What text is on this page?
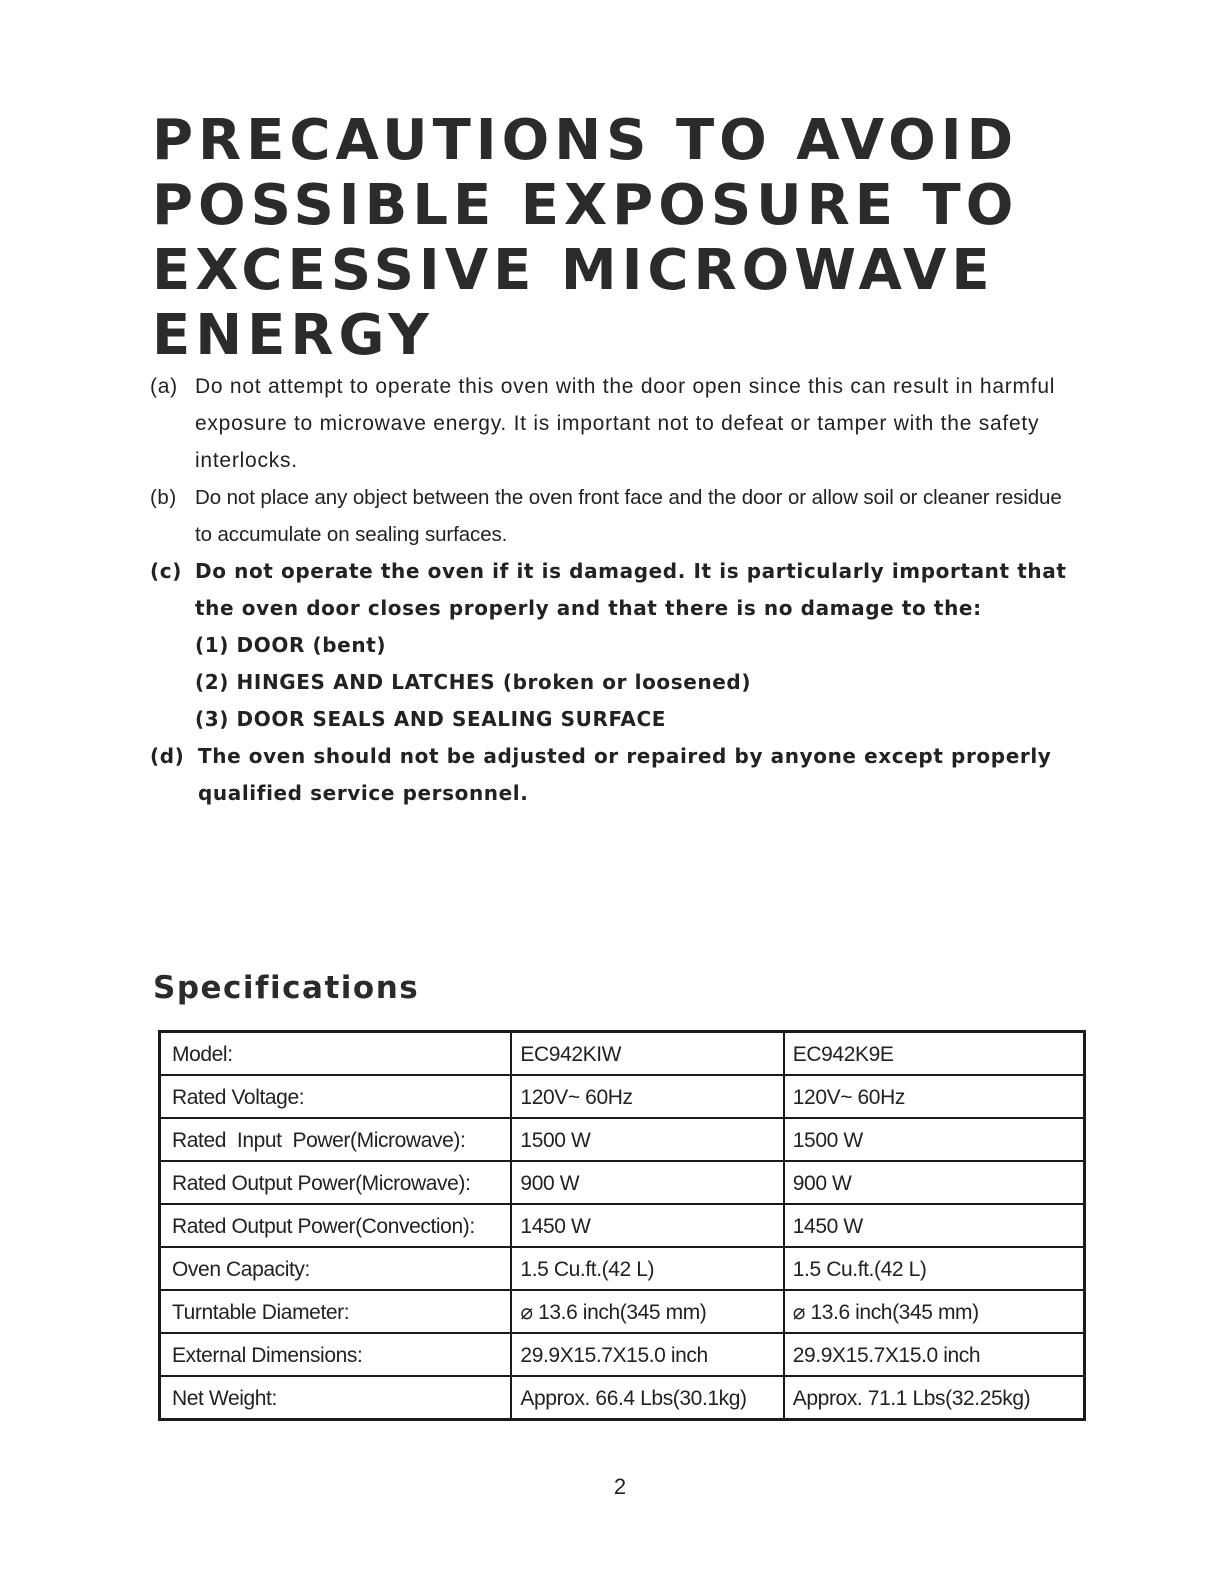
PRECAUTIONS TO AVOID
POSSIBLE EXPOSURE TO
EXCESSIVE MICROWAVE
ENERGY
(a) Do not attempt to operate this oven with the door open since this can result in harmful exposure to microwave energy. It is important not to defeat or tamper with the safety interlocks.
(b) Do not place any object between the oven front face and the door or allow soil or cleaner residue to accumulate on sealing surfaces.
(c) Do not operate the oven if it is damaged. It is particularly important that the oven door closes properly and that there is no damage to the:
(1) DOOR (bent)
(2) HINGES AND LATCHES (broken or loosened)
(3) DOOR SEALS AND SEALING SURFACE
(d) The oven should not be adjusted or repaired by anyone except properly qualified service personnel.
Specifications
Model:	EC942KIW	EC942K9E
Rated Voltage:	120V~ 60Hz	120V~ 60Hz
Rated  Input  Power(Microwave):	1500 W	1500 W
Rated Output Power(Microwave):	900 W	900 W
Rated Output Power(Convection):	1450 W	1450 W
Oven Capacity:	1.5 Cu.ft.(42 L)	1.5 Cu.ft.(42 L)
Turntable Diameter:	⌀ 13.6 inch(345 mm)	⌀ 13.6 inch(345 mm)
External Dimensions:	29.9X15.7X15.0 inch	29.9X15.7X15.0 inch
Net Weight:	Approx. 66.4 Lbs(30.1kg)	Approx. 71.1 Lbs(32.25kg)
2
